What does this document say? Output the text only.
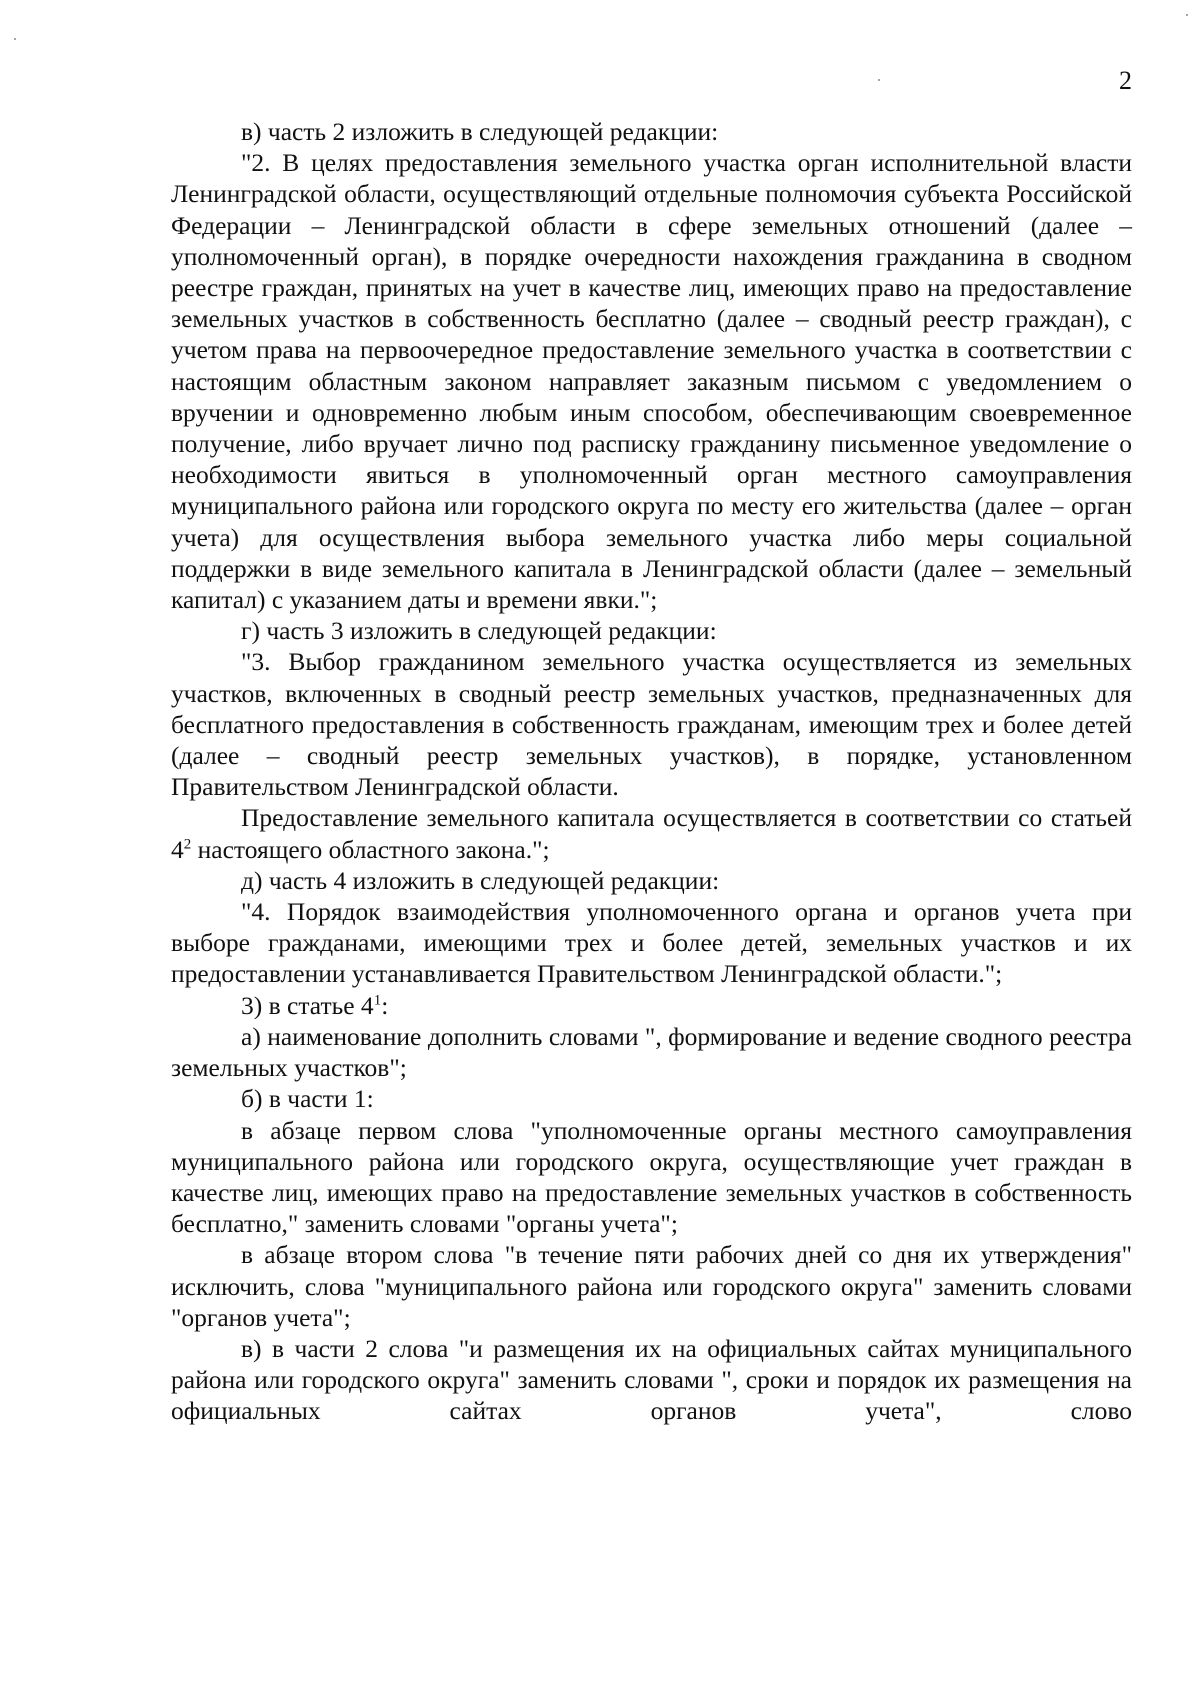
2

в) часть 2 изложить в следующей редакции:

"2. В целях предоставления земельного участка орган исполнительной власти Ленинградской области, осуществляющий отдельные полномочия субъекта Российской Федерации – Ленинградской области в сфере земельных отношений (далее – уполномоченный орган), в порядке очередности нахождения гражданина в сводном реестре граждан, принятых на учет в качестве лиц, имеющих право на предоставление земельных участков в собственность бесплатно (далее – сводный реестр граждан), с учетом права на первоочередное предоставление земельного участка в соответствии с настоящим областным законом направляет заказным письмом с уведомлением о вручении и одновременно любым иным способом, обеспечивающим своевременное получение, либо вручает лично под расписку гражданину письменное уведомление о необходимости явиться в уполномоченный орган местного самоуправления муниципального района или городского округа по месту его жительства (далее – орган учета) для осуществления выбора земельного участка либо меры социальной поддержки в виде земельного капитала в Ленинградской области (далее – земельный капитал) с указанием даты и времени явки.";

г) часть 3 изложить в следующей редакции:

"3. Выбор гражданином земельного участка осуществляется из земельных участков, включенных в сводный реестр земельных участков, предназначенных для бесплатного предоставления в собственность гражданам, имеющим трех и более детей (далее – сводный реестр земельных участков), в порядке, установленном Правительством Ленинградской области.

Предоставление земельного капитала осуществляется в соответствии со статьей $4^2$ настоящего областного закона.";

д) часть 4 изложить в следующей редакции:

"4. Порядок взаимодействия уполномоченного органа и органов учета при выборе гражданами, имеющими трех и более детей, земельных участков и их предоставлении устанавливается Правительством Ленинградской области.";

3) в статье $4^1$:

а) наименование дополнить словами ", формирование и ведение сводного реестра земельных участков";

б) в части 1:

в абзаце первом слова "уполномоченные органы местного самоуправления муниципального района или городского округа, осуществляющие учет граждан в качестве лиц, имеющих право на предоставление земельных участков в собственность бесплатно," заменить словами "органы учета";

в абзаце втором слова "в течение пяти рабочих дней со дня их утверждения" исключить, слова "муниципального района или городского округа" заменить словами "органов учета";

в) в части 2 слова "и размещения их на официальных сайтах муниципального района или городского округа" заменить словами ", сроки и порядок их размещения на официальных сайтах органов учета", слово
